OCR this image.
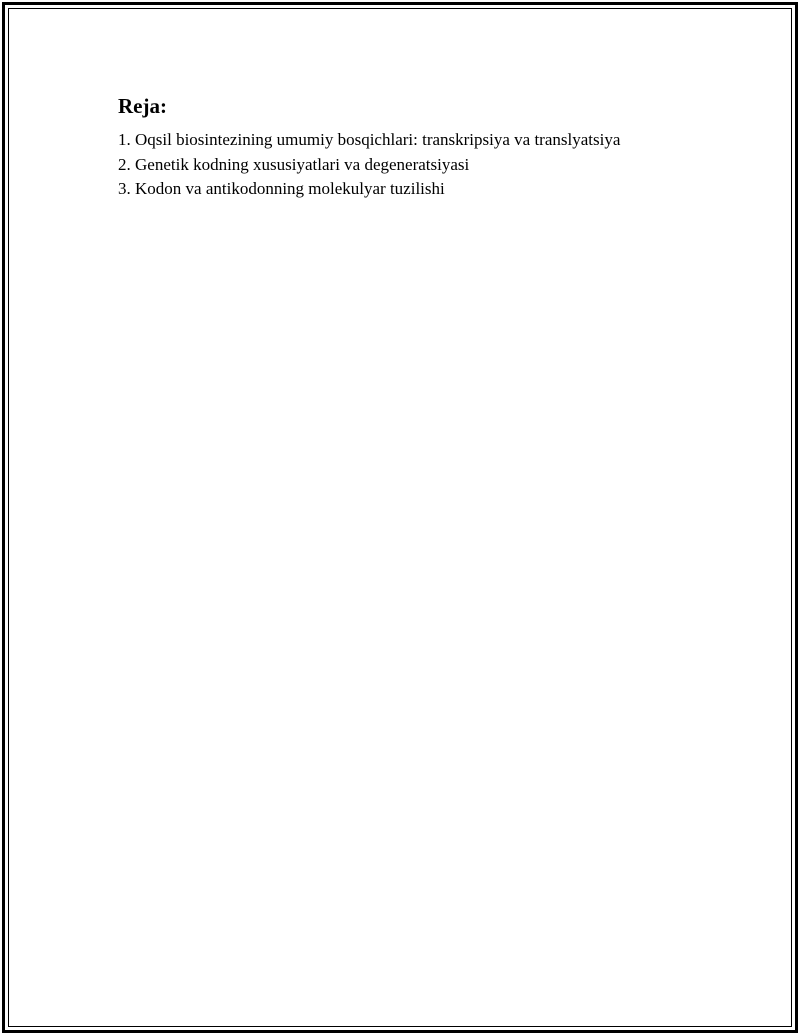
Reja:
1. Oqsil biosintezining umumiy bosqichlari: transkripsiya va translyatsiya
2. Genetik kodning xususiyatlari va degeneratsiyasi
3. Kodon va antikodonning molekulyar tuzilishi
